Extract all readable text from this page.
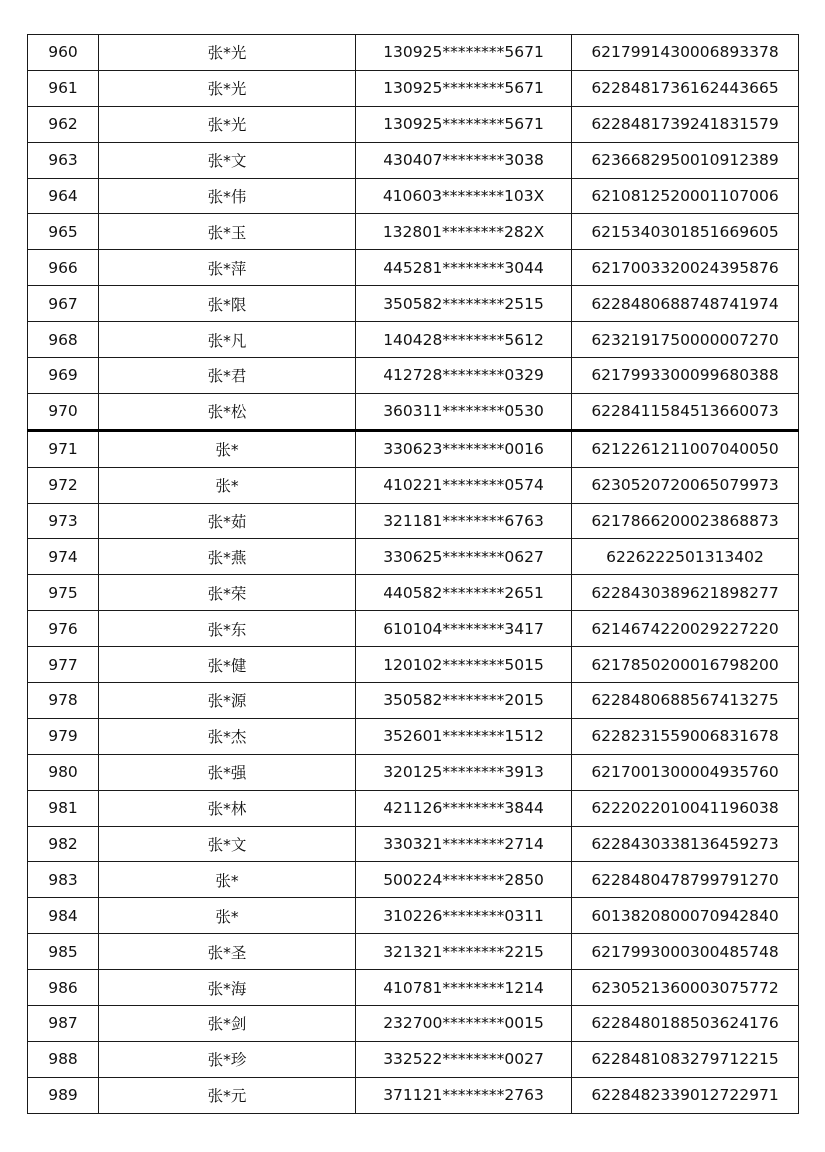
960	张*光	130925********5671	6217991430006893378
961	张*光	130925********5671	6228481736162443665
962	张*光	130925********5671	6228481739241831579
963	张*文	430407********3038	6236682950010912389
964	张*伟	410603********103X	6210812520001107006
965	张*玉	132801********282X	6215340301851669605
966	张*萍	445281********3044	6217003320024395876
967	张*限	350582********2515	6228480688748741974
968	张*凡	140428********5612	6232191750000007270
969	张*君	412728********0329	6217993300099680388
970	张*松	360311********0530	6228411584513660073
971	张*	330623********0016	6212261211007040050
972	张*	410221********0574	6230520720065079973
973	张*茹	321181********6763	6217866200023868873
974	张*燕	330625********0627	6226222501313402
975	张*荣	440582********2651	6228430389621898277
976	张*东	610104********3417	6214674220029227220
977	张*健	120102********5015	6217850200016798200
978	张*源	350582********2015	6228480688567413275
979	张*杰	352601********1512	6228231559006831678
980	张*强	320125********3913	6217001300004935760
981	张*林	421126********3844	6222022010041196038
982	张*文	330321********2714	6228430338136459273
983	张*	500224********2850	6228480478799791270
984	张*	310226********0311	6013820800070942840
985	张*圣	321321********2215	6217993000300485748
986	张*海	410781********1214	6230521360003075772
987	张*剑	232700********0015	6228480188503624176
988	张*珍	332522********0027	6228481083279712215
989	张*元	371121********2763	6228482339012722971
